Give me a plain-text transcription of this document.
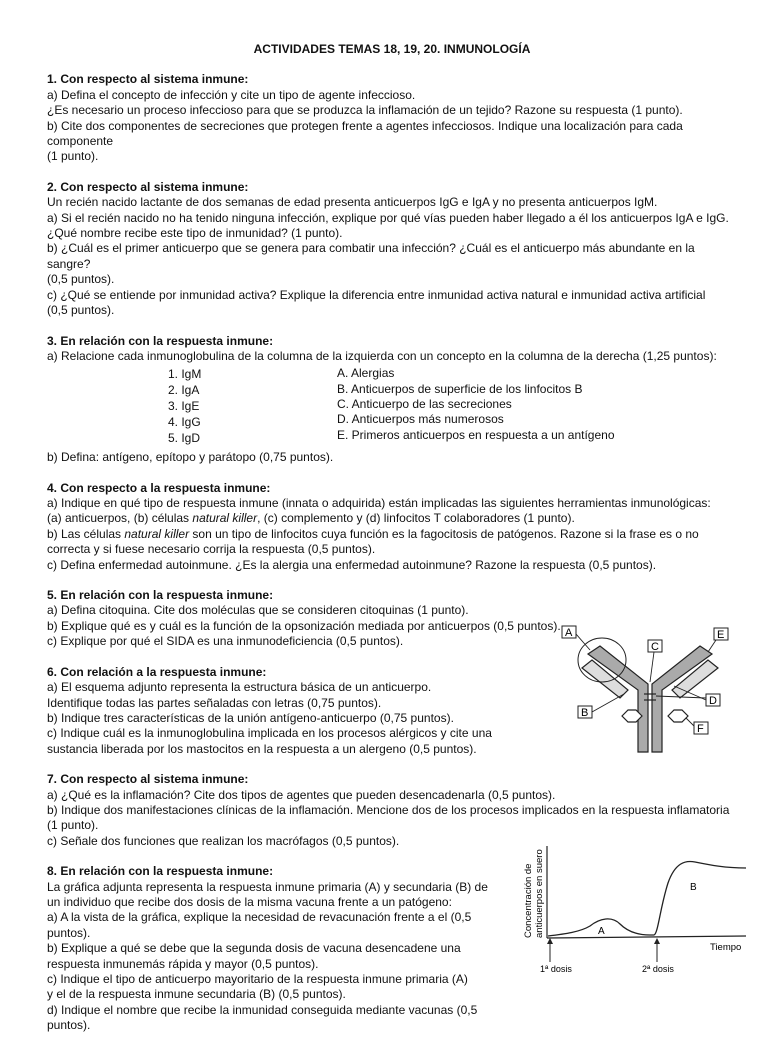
ACTIVIDADES TEMAS 18, 19, 20. INMUNOLOGÍA

1. Con respecto al sistema inmune:

a) Defina el concepto de infección y cite un tipo de agente infeccioso.

¿Es necesario un proceso infeccioso para que se produzca la inflamación de un tejido? Razone su respuesta (1 punto).

b) Cite dos componentes de secreciones que protegen frente a agentes infecciosos. Indique una localización para cada componente

(1 punto).

2. Con respecto al sistema inmune:

Un recién nacido lactante de dos semanas de edad presenta anticuerpos IgG e IgA y no presenta anticuerpos IgM.

a) Si el recién nacido no ha tenido ninguna infección, explique por qué vías pueden haber llegado a él los anticuerpos IgA e IgG.

¿Qué nombre recibe este tipo de inmunidad? (1 punto).

b) ¿Cuál es el primer anticuerpo que se genera para combatir una infección? ¿Cuál es el anticuerpo más abundante en la sangre?

(0,5 puntos).

c) ¿Qué se entiende por inmunidad activa? Explique la diferencia entre inmunidad activa natural e inmunidad activa artificial

(0,5 puntos).

3. En relación con la respuesta inmune:

a) Relacione cada inmunoglobulina de la columna de la izquierda con un concepto en la columna de la derecha (1,25 puntos):

1. IgM
2. IgA
3. IgE
4. IgG
5. IgD
A. Alergias
B. Anticuerpos de superficie de los linfocitos B
C. Anticuerpo de las secreciones
D. Anticuerpos más numerosos
E. Primeros anticuerpos en respuesta a un antígeno

b) Defina: antígeno, epítopo y parátopo (0,75 puntos).

4. Con respecto a la respuesta inmune:

a) Indique en qué tipo de respuesta inmune (innata o adquirida) están implicadas las siguientes herramientas inmunológicas:

(a) anticuerpos, (b) células natural killer, (c) complemento y (d) linfocitos T colaboradores (1 punto).

b) Las células natural killer son un tipo de linfocitos cuya función es la fagocitosis de patógenos. Razone si la frase es o no

correcta y si fuese necesario corrija la respuesta (0,5 puntos).

c) Defina enfermedad autoinmune. ¿Es la alergia una enfermedad autoinmune? Razone la respuesta (0,5 puntos).

5. En relación con la respuesta inmune:

a) Defina citoquina. Cite dos moléculas que se consideren citoquinas (1 punto).

b) Explique qué es y cuál es la función de la opsonización mediada por anticuerpos (0,5 puntos).

c) Explique por qué el SIDA es una inmunodeficiencia (0,5 puntos).

6. Con relación a la respuesta inmune:

a) El esquema adjunto representa la estructura básica de un anticuerpo.

Identifique todas las partes señaladas con letras (0,75 puntos).

b) Indique tres características de la unión antígeno-anticuerpo (0,75 puntos).

c) Indique cuál es la inmunoglobulina implicada en los procesos alérgicos y cite una

sustancia liberada por los mastocitos en la respuesta a un alergeno (0,5 puntos).

7. Con respecto al sistema inmune:

a) ¿Qué es la inflamación? Cite dos tipos de agentes que pueden desencadenarla (0,5 puntos).

b) Indique dos manifestaciones clínicas de la inflamación. Mencione dos de los procesos implicados en la respuesta inflamatoria

(1 punto).

c) Señale dos funciones que realizan los macrófagos (0,5 puntos).

8. En relación con la respuesta inmune:

La gráfica adjunta representa la respuesta inmune primaria (A) y secundaria (B) de

un individuo que recibe dos dosis de la misma vacuna frente a un patógeno:

a) A la vista de la gráfica, explique la necesidad de revacunación frente a el (0,5 puntos).

b) Explique a qué se debe que la segunda dosis de vacuna desencadene una

respuesta inmunemás rápida y mayor (0,5 puntos).

c) Indique el tipo de anticuerpo mayoritario de la respuesta inmune primaria (A)

y el de la respuesta inmune secundaria (B) (0,5 puntos).

d) Indique el nombre que recibe la inmunidad conseguida mediante vacunas (0,5 puntos).

A
B
C
D
E
F
Concentración de anticuerpos en suero	A
B
Tiempo
1ª dosis	2ª dosis
